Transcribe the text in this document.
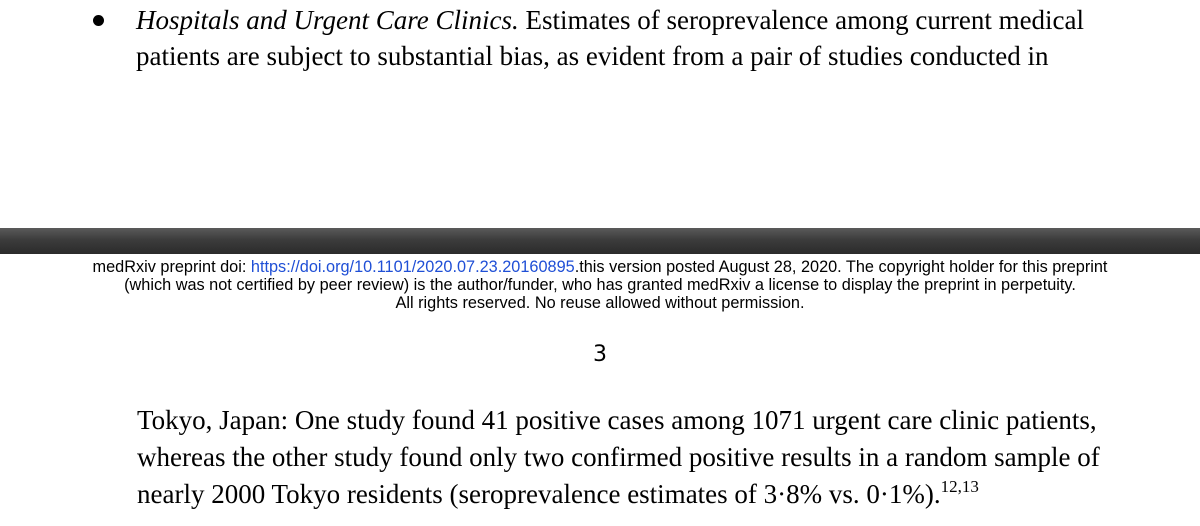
Hospitals and Urgent Care Clinics. Estimates of seroprevalence among current medical
patients are subject to substantial bias, as evident from a pair of studies conducted in
medRxiv preprint doi: https://doi.org/10.1101/2020.07.23.20160895.this version posted August 28, 2020. The copyright holder for this preprint
(which was not certified by peer review) is the author/funder, who has granted medRxiv a license to display the preprint in perpetuity.
All rights reserved. No reuse allowed without permission.
3
Tokyo, Japan: One study found 41 positive cases among 1071 urgent care clinic patients,
whereas the other study found only two confirmed positive results in a random sample of
nearly 2000 Tokyo residents (seroprevalence estimates of 3·8% vs. 0·1%).$^{12,13}$
